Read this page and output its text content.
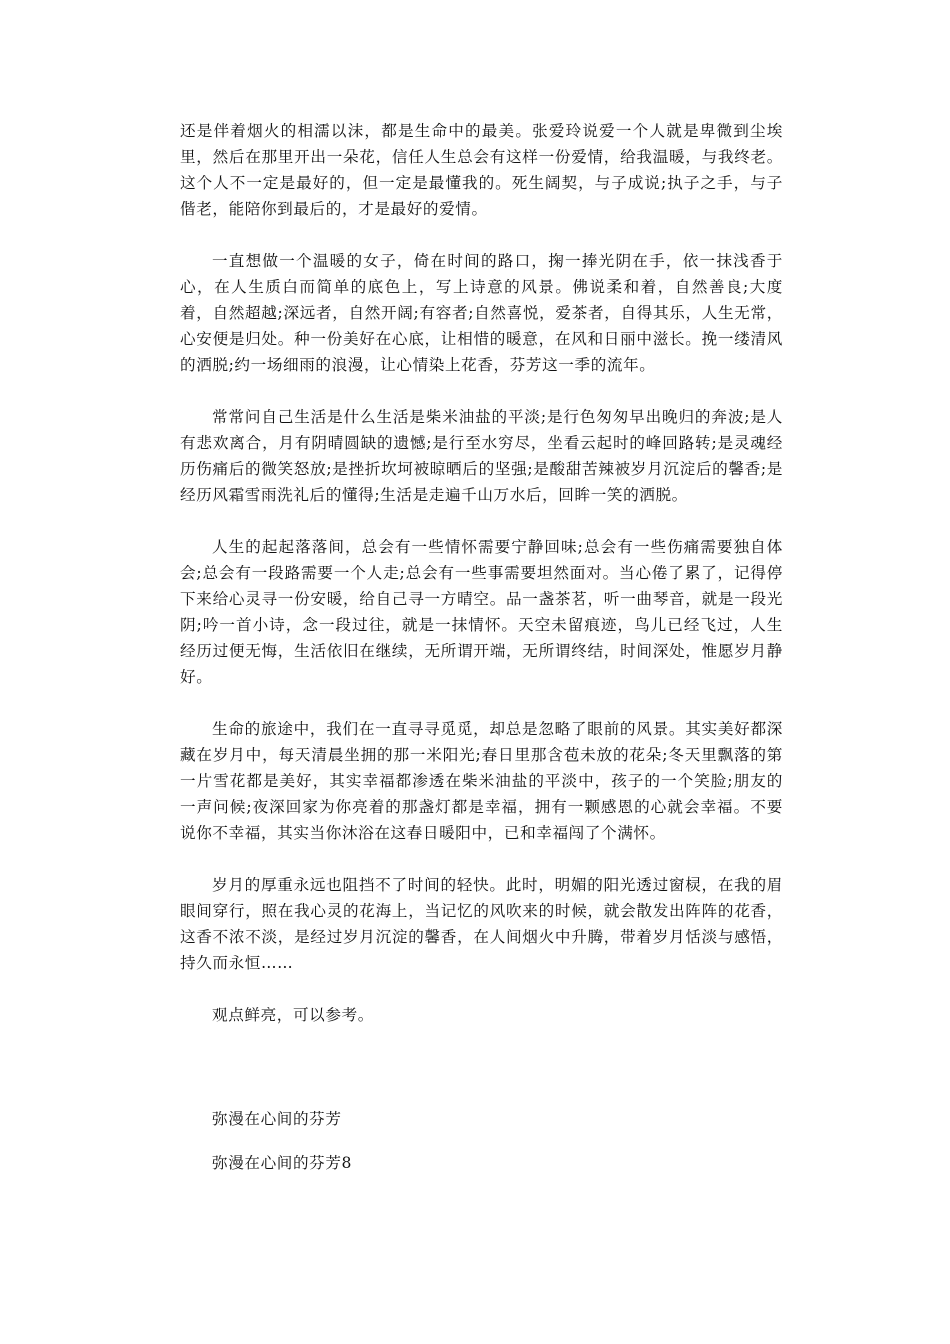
还是伴着烟火的相濡以沫，都是生命中的最美。张爱玲说爱一个人就是卑微到尘埃里，然后在那里开出一朵花，信任人生总会有这样一份爱情，给我温暖，与我终老。这个人不一定是最好的，但一定是最懂我的。死生阔契，与子成说;执子之手，与子偕老，能陪你到最后的，才是最好的爱情。

一直想做一个温暖的女子，倚在时间的路口，掬一捧光阴在手，依一抹浅香于心，在人生质白而简单的底色上，写上诗意的风景。佛说柔和着，自然善良;大度着，自然超越;深远者，自然开阔;有容者;自然喜悦，爱茶者，自得其乐，人生无常，心安便是归处。种一份美好在心底，让相惜的暖意，在风和日丽中滋长。挽一缕清风的洒脱;约一场细雨的浪漫，让心情染上花香，芬芳这一季的流年。

常常问自己生活是什么生活是柴米油盐的平淡;是行色匆匆早出晚归的奔波;是人有悲欢离合，月有阴晴圆缺的遗憾;是行至水穷尽，坐看云起时的峰回路转;是灵魂经历伤痛后的微笑怒放;是挫折坎坷被晾晒后的坚强;是酸甜苦辣被岁月沉淀后的馨香;是经历风霜雪雨洗礼后的懂得;生活是走遍千山万水后，回眸一笑的洒脱。

人生的起起落落间，总会有一些情怀需要宁静回味;总会有一些伤痛需要独自体会;总会有一段路需要一个人走;总会有一些事需要坦然面对。当心倦了累了，记得停下来给心灵寻一份安暖，给自己寻一方晴空。品一盏茶茗，听一曲琴音，就是一段光阴;吟一首小诗，念一段过往，就是一抹情怀。天空未留痕迹，鸟儿已经飞过，人生经历过便无悔，生活依旧在继续，无所谓开端，无所谓终结，时间深处，惟愿岁月静好。

生命的旅途中，我们在一直寻寻觅觅，却总是忽略了眼前的风景。其实美好都深藏在岁月中，每天清晨坐拥的那一米阳光;春日里那含苞未放的花朵;冬天里飘落的第一片雪花都是美好，其实幸福都渗透在柴米油盐的平淡中，孩子的一个笑脸;朋友的一声问候;夜深回家为你亮着的那盏灯都是幸福，拥有一颗感恩的心就会幸福。不要说你不幸福，其实当你沐浴在这春日暖阳中，已和幸福闯了个满怀。

岁月的厚重永远也阻挡不了时间的轻快。此时，明媚的阳光透过窗棂，在我的眉眼间穿行，照在我心灵的花海上，当记忆的风吹来的时候，就会散发出阵阵的花香，这香不浓不淡，是经过岁月沉淀的馨香，在人间烟火中升腾，带着岁月恬淡与感悟，持久而永恒……

观点鲜亮，可以参考。

弥漫在心间的芬芳

弥漫在心间的芬芳8
